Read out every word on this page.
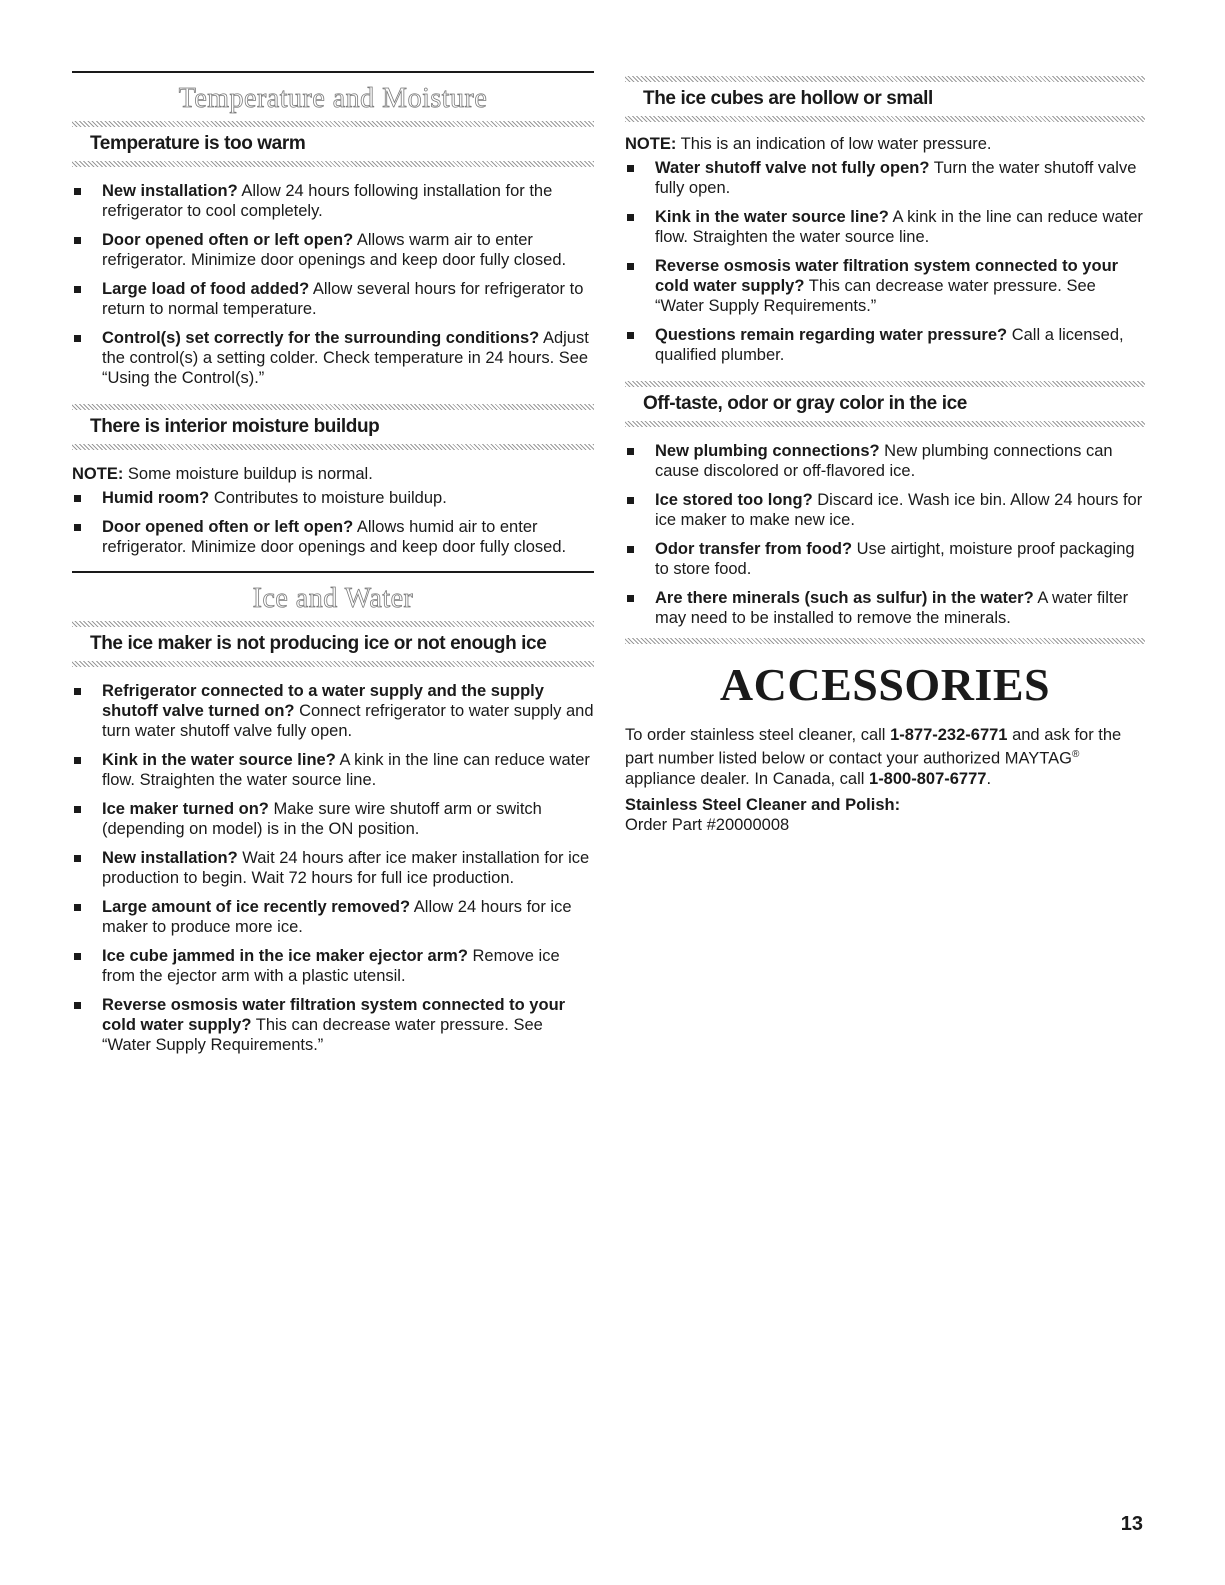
Temperature and Moisture
Temperature is too warm
New installation? Allow 24 hours following installation for the refrigerator to cool completely.
Door opened often or left open? Allows warm air to enter refrigerator. Minimize door openings and keep door fully closed.
Large load of food added? Allow several hours for refrigerator to return to normal temperature.
Control(s) set correctly for the surrounding conditions? Adjust the control(s) a setting colder. Check temperature in 24 hours. See “Using the Control(s).”
There is interior moisture buildup

NOTE: Some moisture buildup is normal.

Humid room? Contributes to moisture buildup.
Door opened often or left open? Allows humid air to enter refrigerator. Minimize door openings and keep door fully closed.
Ice and Water
The ice maker is not producing ice or not enough ice
Refrigerator connected to a water supply and the supply shutoff valve turned on? Connect refrigerator to water supply and turn water shutoff valve fully open.
Kink in the water source line? A kink in the line can reduce water flow. Straighten the water source line.
Ice maker turned on? Make sure wire shutoff arm or switch (depending on model) is in the ON position.
New installation? Wait 24 hours after ice maker installation for ice production to begin. Wait 72 hours for full ice production.
Large amount of ice recently removed? Allow 24 hours for ice maker to produce more ice.
Ice cube jammed in the ice maker ejector arm? Remove ice from the ejector arm with a plastic utensil.
Reverse osmosis water filtration system connected to your cold water supply? This can decrease water pressure. See “Water Supply Requirements.”
The ice cubes are hollow or small

NOTE: This is an indication of low water pressure.

Water shutoff valve not fully open? Turn the water shutoff valve fully open.
Kink in the water source line? A kink in the line can reduce water flow. Straighten the water source line.
Reverse osmosis water filtration system connected to your cold water supply? This can decrease water pressure. See “Water Supply Requirements.”
Questions remain regarding water pressure? Call a licensed, qualified plumber.
Off-taste, odor or gray color in the ice
New plumbing connections? New plumbing connections can cause discolored or off-flavored ice.
Ice stored too long? Discard ice. Wash ice bin. Allow 24 hours for ice maker to make new ice.
Odor transfer from food? Use airtight, moisture proof packaging to store food.
Are there minerals (such as sulfur) in the water? A water filter may need to be installed to remove the minerals.
ACCESSORIES

To order stainless steel cleaner, call 1-877-232-6771 and ask for the part number listed below or contact your authorized MAYTAG® appliance dealer. In Canada, call 1-800-807-6777.

Stainless Steel Cleaner and Polish:

Order Part #20000008

13
